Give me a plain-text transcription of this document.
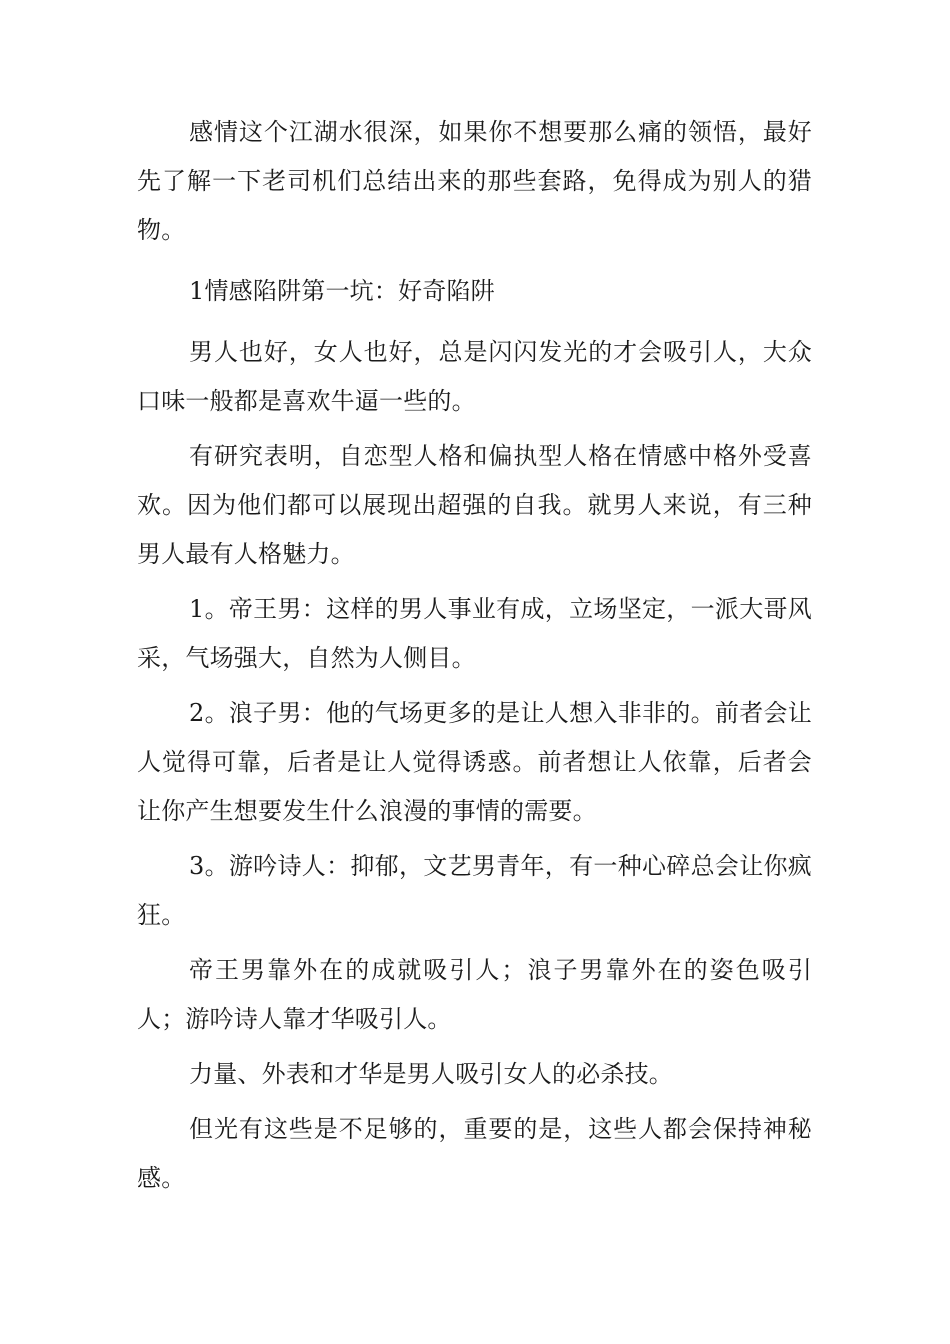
感情这个江湖水很深，如果你不想要那么痛的领悟，最好先了解一下老司机们总结出来的那些套路，免得成为别人的猎物。

1情感陷阱第一坑：好奇陷阱

男人也好，女人也好，总是闪闪发光的才会吸引人，大众口味一般都是喜欢牛逼一些的。

有研究表明，自恋型人格和偏执型人格在情感中格外受喜欢。因为他们都可以展现出超强的自我。就男人来说，有三种男人最有人格魅力。

1。帝王男：这样的男人事业有成，立场坚定，一派大哥风采，气场强大，自然为人侧目。

2。浪子男：他的气场更多的是让人想入非非的。前者会让人觉得可靠，后者是让人觉得诱惑。前者想让人依靠，后者会让你产生想要发生什么浪漫的事情的需要。

3。游吟诗人：抑郁，文艺男青年，有一种心碎总会让你疯狂。

帝王男靠外在的成就吸引人；浪子男靠外在的姿色吸引人；游吟诗人靠才华吸引人。

力量、外表和才华是男人吸引女人的必杀技。

但光有这些是不足够的，重要的是，这些人都会保持神秘感。
